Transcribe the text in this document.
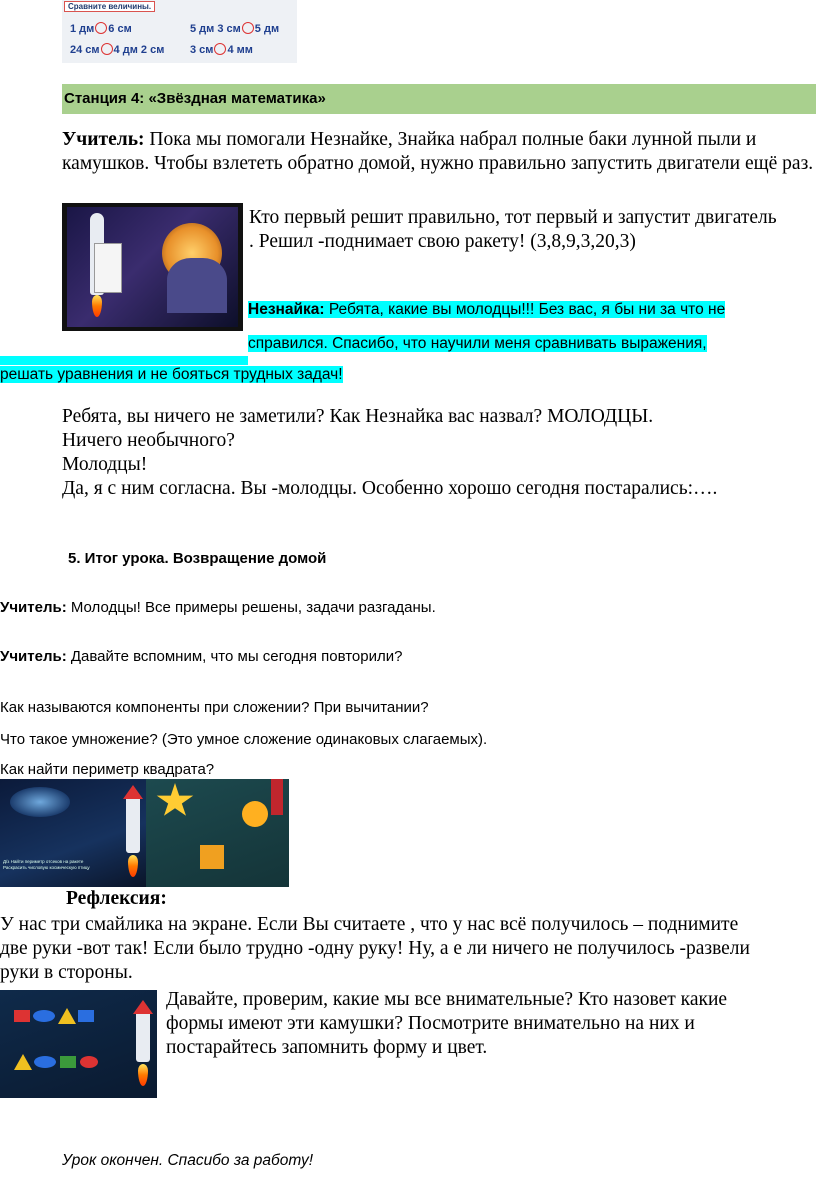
Сравните величины.
1 дм 6 см	5 дм 3 см 5 дм
24 см 4 дм 2 см 3 см 4 мм
Станция 4: «Звёздная математика»
Учитель: Пока мы помогали Незнайке, Знайка набрал полные баки лунной пыли и камушков. Чтобы взлететь обратно домой, нужно правильно запустить двигатели ещё раз.
Кто первый решит правильно, тот первый и запустит двигатель
. Решил -поднимает свою ракету! (3,8,9,3,20,3)
Незнайка: Ребята, какие вы молодцы!!! Без вас, я бы ни за что не
справился. Спасибо, что научили меня сравнивать выражения,
решать уравнения и не бояться трудных задач!
Ребята, вы ничего не заметили? Как Незнайка вас назвал? МОЛОДЦЫ.
Ничего необычного?
Молодцы!
Да, я с ним согласна. Вы -молодцы. Особенно хорошо сегодня постарались:….
5. Итог урока. Возвращение домой
Учитель: Молодцы! Все примеры решены, задачи разгаданы.
Учитель: Давайте вспомним, что мы сегодня повторили?
Как называются компоненты при сложении? При вычитании?
Что такое умножение? (Это умное сложение одинаковых слагаемых).
Как найти периметр квадрата?
Д/з Найти периметр отсеков на ракете
Раскрасить числовую космическую птицу
Рефлексия:
У нас три смайлика на экране. Если Вы считаете , что у нас всё получилось – поднимите
две руки -вот так! Если было трудно -одну руку! Ну, а е ли ничего не получилось -развели
руки в стороны.
Давайте, проверим, какие мы все внимательные? Кто назовет какие
формы имеют эти камушки? Посмотрите внимательно на них и
постарайтесь запомнить форму и цвет.
Урок окончен. Спасибо за работу!
